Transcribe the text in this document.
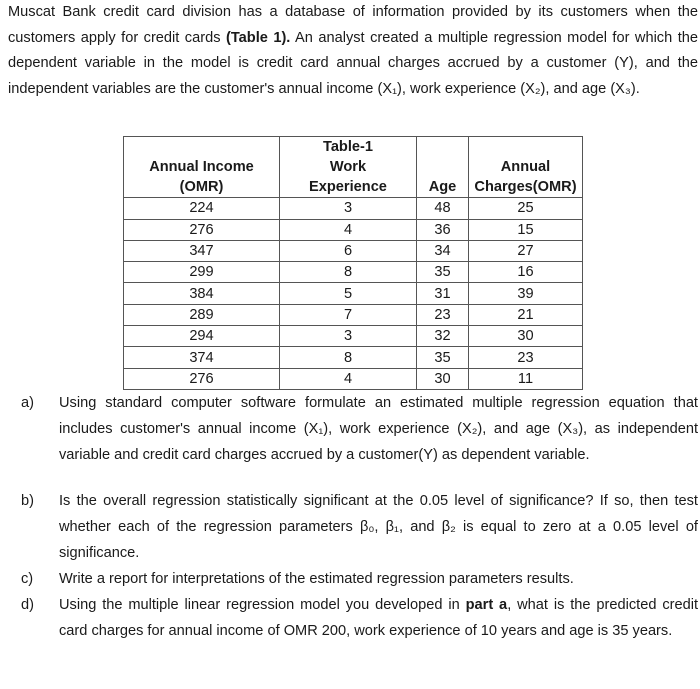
Muscat Bank credit card division has a database of information provided by its customers when the customers apply for credit cards (Table 1). An analyst created a multiple regression model for which the dependent variable in the model is credit card annual charges accrued by a customer (Y), and the independent variables are the customer's annual income (X₁), work experience (X₂), and age (X₃).
	Table-1		
Annual Income	Work		Annual
(OMR)	Experience	Age	Charges(OMR)
224	3	48	25
276	4	36	15
347	6	34	27
299	8	35	16
384	5	31	39
289	7	23	21
294	3	32	30
374	8	35	23
276	4	30	11
a) Using standard computer software formulate an estimated multiple regression equation that includes customer's annual income (X₁), work experience (X₂), and age (X₃), as independent variable and credit card charges accrued by a customer(Y) as dependent variable.
b) Is the overall regression statistically significant at the 0.05 level of significance? If so, then test whether each of the regression parameters β₀, β₁, and β₂ is equal to zero at a 0.05 level of significance.
c) Write a report for interpretations of the estimated regression parameters results.
d) Using the multiple linear regression model you developed in part a, what is the predicted credit card charges for annual income of OMR 200, work experience of 10 years and age is 35 years.
